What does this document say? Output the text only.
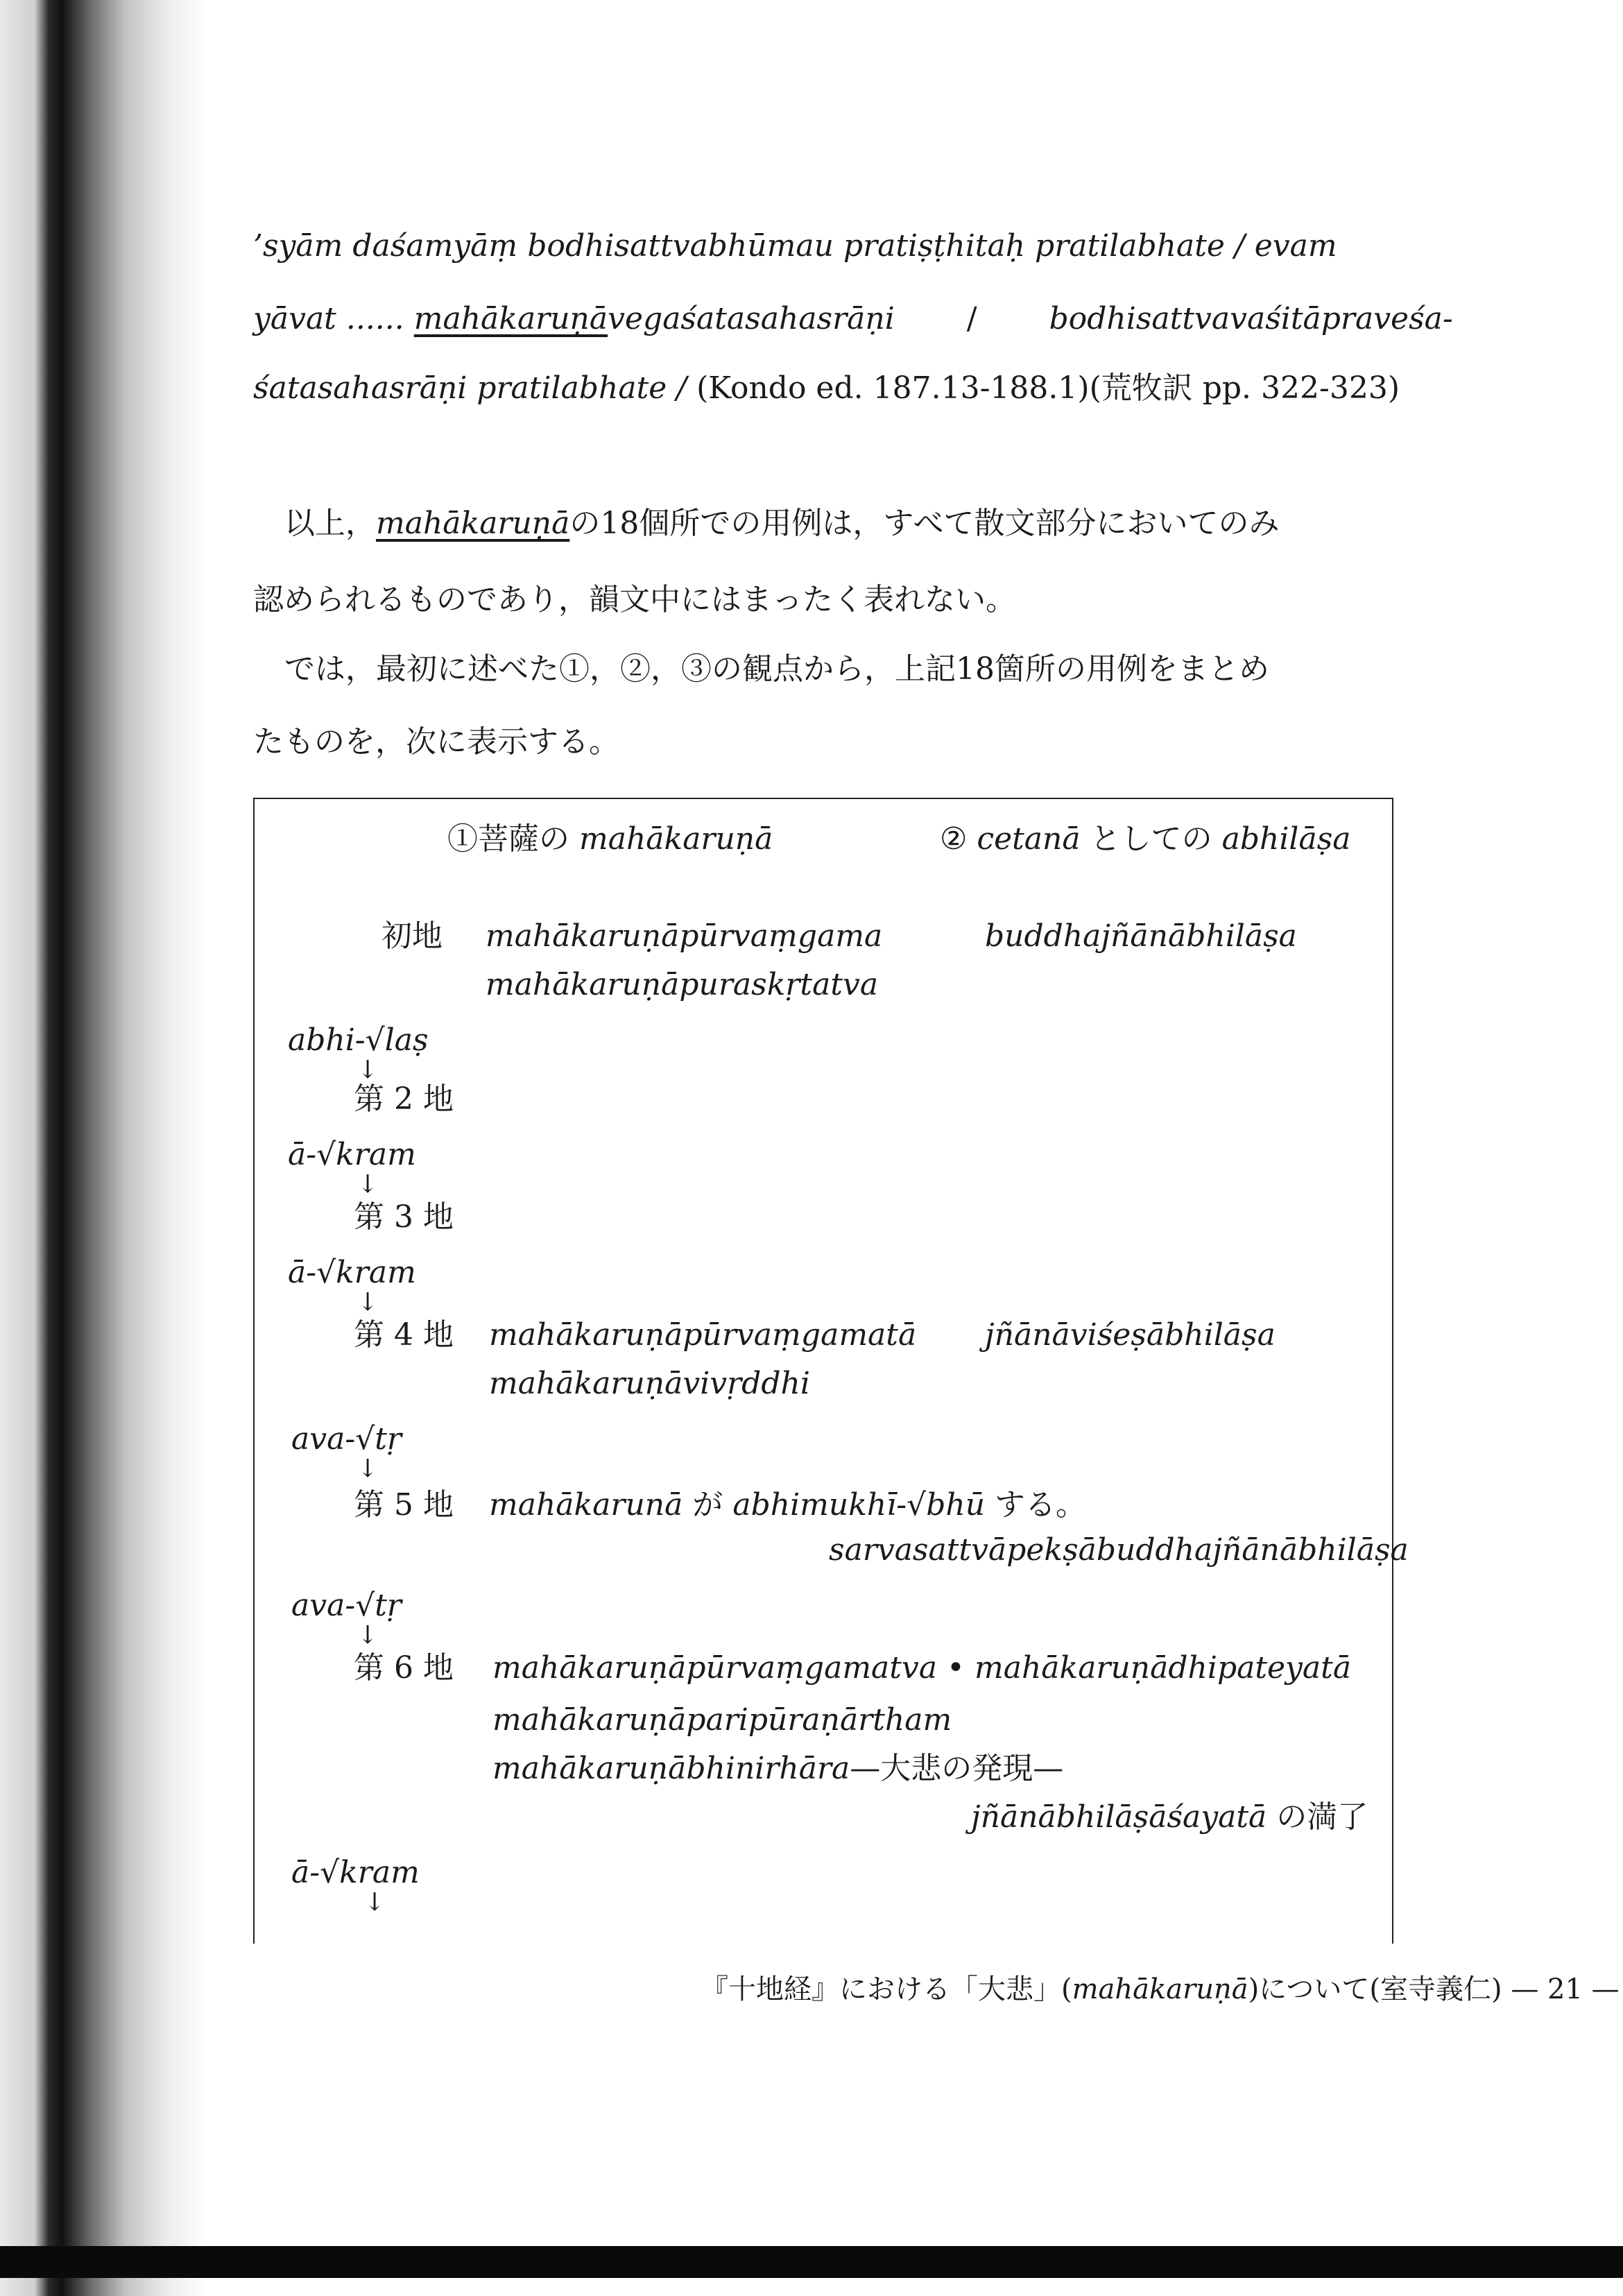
’syām daśamyāṃ bodhisattvabhūmau pratiṣṭhitaḥ pratilabhate / evam
yāvat ...... mahākaruṇāvegaśatasahasrāṇi / bodhisattvavaśitāpraveśa-
śatasahasrāṇi pratilabhate / (Kondo ed. 187.13-188.1)(荒牧訳 pp. 322-323)
以上，mahākaruṇāの18個所での用例は，すべて散文部分においてのみ
認められるものであり，韻文中にはまったく表れない。
では，最初に述べた①，②，③の観点から，上記18箇所の用例をまとめ
たものを，次に表示する。
①菩薩の mahākaruṇā	② cetanā としての abhilāṣa
初地 mahākaruṇāpūrvaṃgama
mahākaruṇāpuraskṛtatva
buddhajñānābhilāṣa
abhi-√laṣ
↓
第 2 地
ā-√kram
↓
第 3 地
ā-√kram
↓
第 4 地 mahākaruṇāpūrvaṃgamatā
mahākaruṇāvivṛddhi
jñānāviśeṣābhilāṣa
ava-√tṛ
↓
第 5 地 mahākarunā が abhimukhī-√bhū する。
sarvasattvāpekṣābuddhajñānābhilāṣa
ava-√tṛ
↓
第 6 地 mahākaruṇāpūrvaṃgamatva • mahākaruṇādhipateyatā
mahākaruṇāparipūraṇārtham
mahākaruṇābhinirhāra—大悲の発現—
jñānābhilāṣāśayatā の満了
ā-√kram
↓
『十地経』における「大悲」(mahākaruṇā)について(室寺義仁) — 21 —
